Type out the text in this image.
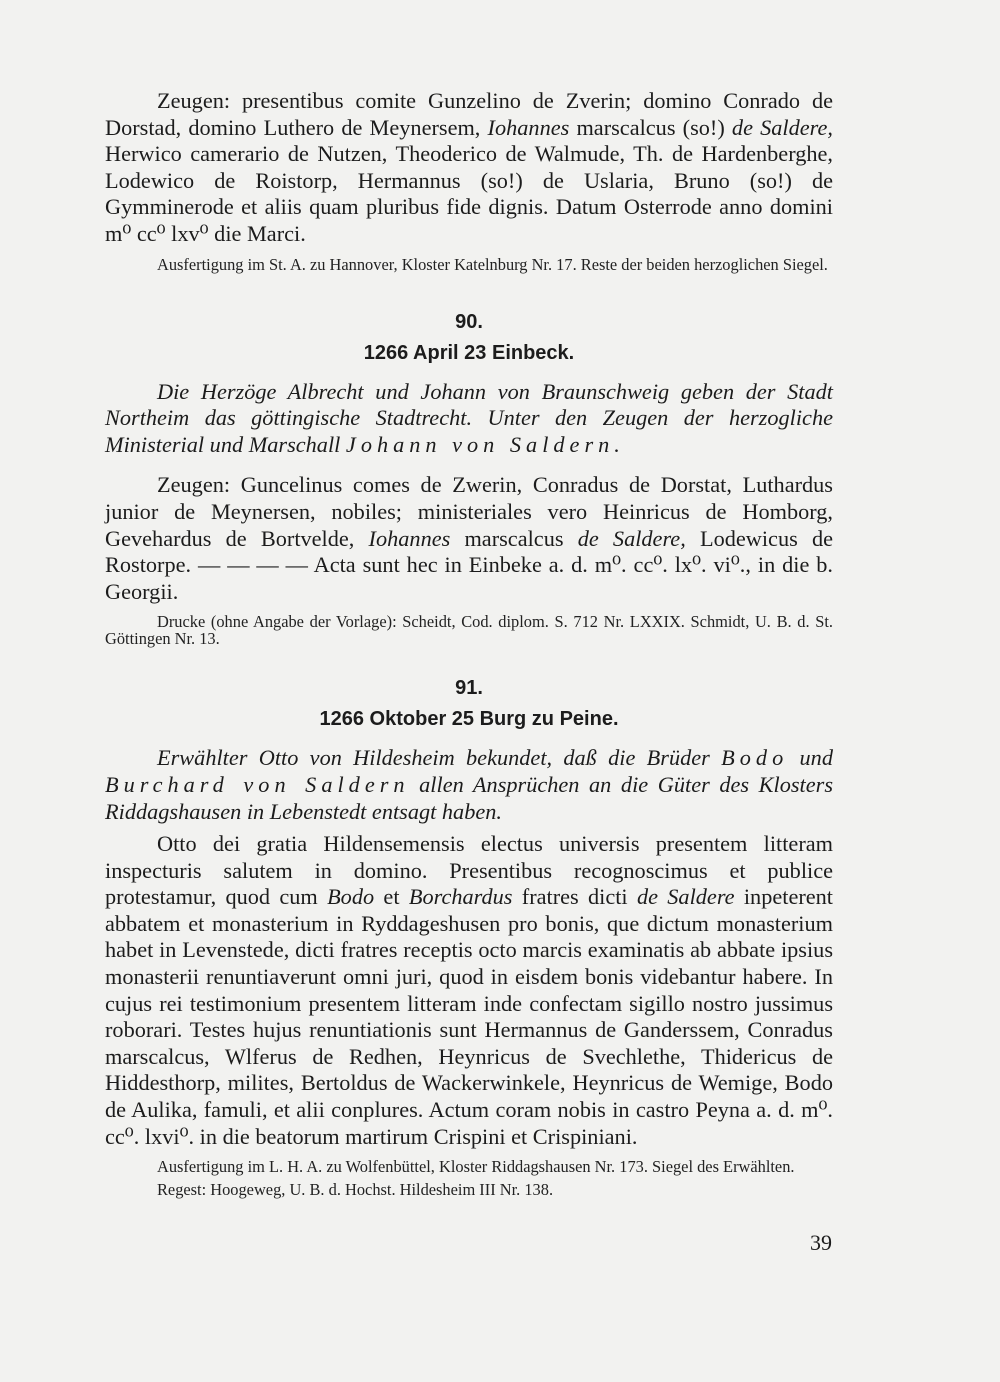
Zeugen: presentibus comite Gunzelino de Zverin; domino Conrado de Dorstad, domino Luthero de Meynersem, Iohannes marscalcus (so!) de Saldere, Herwico camerario de Nutzen, Theoderico de Walmude, Th. de Hardenberghe, Lodewico de Roistorp, Hermannus (so!) de Uslaria, Bruno (so!) de Gymminerode et aliis quam pluribus fide dignis. Datum Osterrode anno domini m⁰ cc⁰ lxv⁰ die Marci.

Ausfertigung im St. A. zu Hannover, Kloster Katelnburg Nr. 17. Reste der beiden herzoglichen Siegel.

90.

1266 April 23 Einbeck.

Die Herzöge Albrecht und Johann von Braunschweig geben der Stadt Northeim das göttingische Stadtrecht. Unter den Zeugen der herzogliche Ministerial und Marschall Johann von Saldern.

Zeugen: Guncelinus comes de Zwerin, Conradus de Dorstat, Luthardus junior de Meynersen, nobiles; ministeriales vero Heinricus de Homborg, Gevehardus de Bortvelde, Iohannes marscalcus de Saldere, Lodewicus de Rostorpe. — — — — Acta sunt hec in Einbeke a. d. m⁰. cc⁰. lx⁰. vi⁰., in die b. Georgii.

Drucke (ohne Angabe der Vorlage): Scheidt, Cod. diplom. S. 712 Nr. LXXIX. Schmidt, U. B. d. St. Göttingen Nr. 13.

91.

1266 Oktober 25 Burg zu Peine.

Erwählter Otto von Hildesheim bekundet, daß die Brüder Bodo und Burchard von Saldern allen Ansprüchen an die Güter des Klosters Riddagshausen in Lebenstedt entsagt haben.

Otto dei gratia Hildensemensis electus universis presentem litteram inspecturis salutem in domino. Presentibus recognoscimus et publice protestamur, quod cum Bodo et Borchardus fratres dicti de Saldere inpeterent abbatem et monasterium in Ryddageshusen pro bonis, que dictum monasterium habet in Levenstede, dicti fratres receptis octo marcis examinatis ab abbate ipsius monasterii renuntiaverunt omni juri, quod in eisdem bonis videbantur habere. In cujus rei testimonium presentem litteram inde confectam sigillo nostro jussimus roborari. Testes hujus renuntiationis sunt Hermannus de Ganderssem, Conradus marscalcus, Wlferus de Redhen, Heynricus de Svechlethe, Thidericus de Hiddesthorp, milites, Bertoldus de Wackerwinkele, Heynricus de Wemige, Bodo de Aulika, famuli, et alii conplures. Actum coram nobis in castro Peyna a. d. m⁰. cc⁰. lxvi⁰. in die beatorum martirum Crispini et Crispiniani.

Ausfertigung im L. H. A. zu Wolfenbüttel, Kloster Riddagshausen Nr. 173. Siegel des Erwählten.

Regest: Hoogeweg, U. B. d. Hochst. Hildesheim III Nr. 138.

39
